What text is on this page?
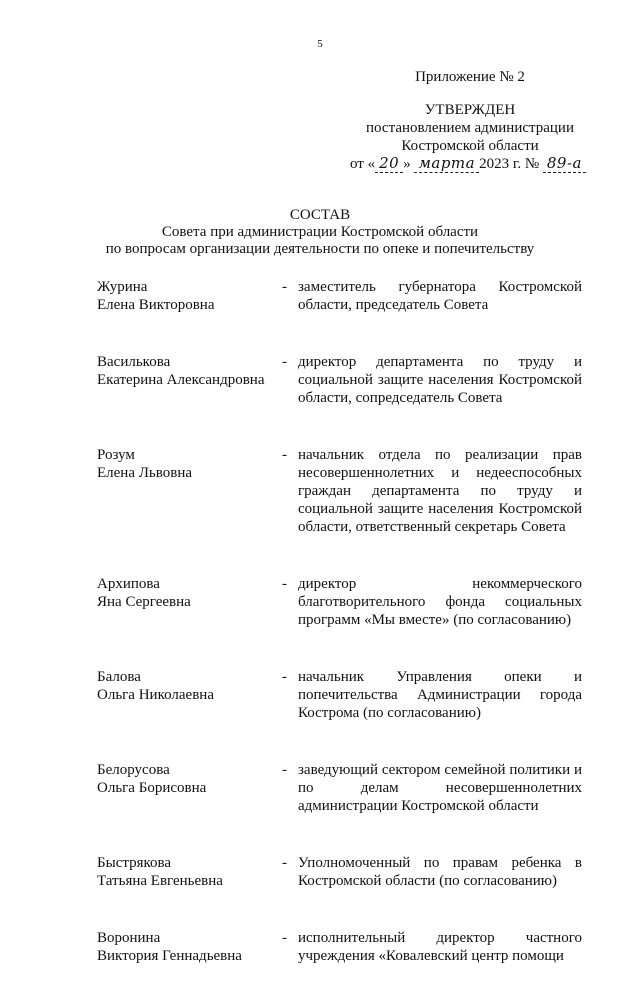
5
Приложение № 2
УТВЕРЖДЕН
постановлением администрации
Костромской области
от « 20 » марта 2023 г. № 89-а
СОСТАВ
Совета при администрации Костромской области
по вопросам организации деятельности по опеке и попечительству
Журина
Елена Викторовна
- заместитель губернатора Костромской области, председатель Совета
Василькова
Екатерина Александровна
- директор департамента по труду и социальной защите населения Костромской области, сопредседатель Совета
Розум
Елена Львовна
- начальник отдела по реализации прав несовершеннолетних и недееспособных граждан департамента по труду и социальной защите населения Костромской области, ответственный секретарь Совета
Архипова
Яна Сергеевна
- директор некоммерческого благотворительного фонда социальных программ «Мы вместе» (по согласованию)
Балова
Ольга Николаевна
- начальник Управления опеки и попечительства Администрации города Кострома (по согласованию)
Белорусова
Ольга Борисовна
- заведующий сектором семейной политики и по делам несовершеннолетних администрации Костромской области
Быстрякова
Татьяна Евгеньевна
- Уполномоченный по правам ребенка в Костромской области (по согласованию)
Воронина
Виктория Геннадьевна
- исполнительный директор частного учреждения «Ковалевский центр помощи
